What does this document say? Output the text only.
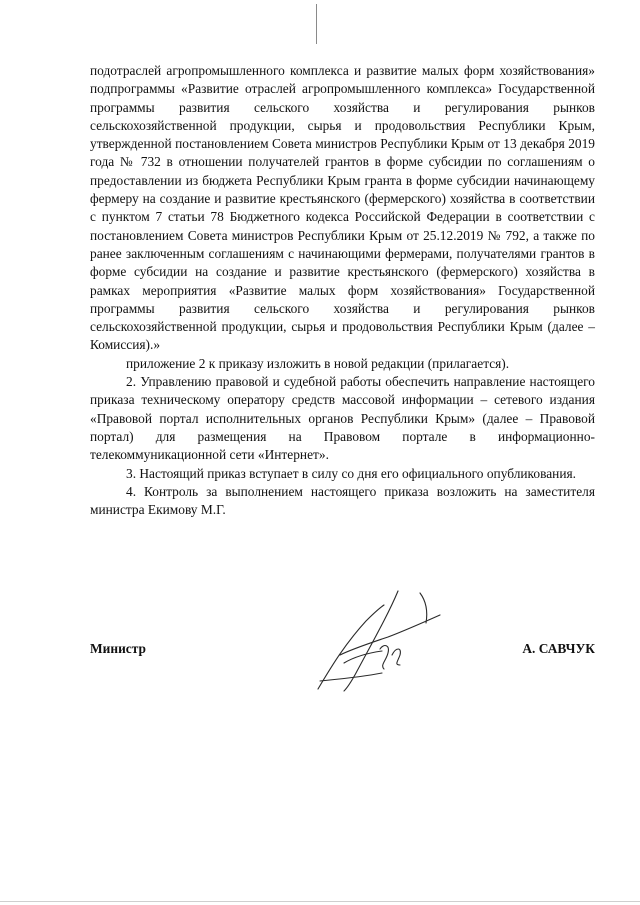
подотраслей агропромышленного комплекса и развитие малых форм хозяйствования» подпрограммы «Развитие отраслей агропромышленного комплекса» Государственной программы развития сельского хозяйства и регулирования рынков сельскохозяйственной продукции, сырья и продовольствия Республики Крым, утвержденной постановлением Совета министров Республики Крым от 13 декабря 2019 года № 732 в отношении получателей грантов в форме субсидии по соглашениям о предоставлении из бюджета Республики Крым гранта в форме субсидии начинающему фермеру на создание и развитие крестьянского (фермерского) хозяйства в соответствии с пунктом 7 статьи 78 Бюджетного кодекса Российской Федерации в соответствии с постановлением Совета министров Республики Крым от 25.12.2019 № 792, а также по ранее заключенным соглашениям с начинающими фермерами, получателями грантов в форме субсидии на создание и развитие крестьянского (фермерского) хозяйства в рамках мероприятия «Развитие малых форм хозяйствования» Государственной программы развития сельского хозяйства и регулирования рынков сельскохозяйственной продукции, сырья и продовольствия Республики Крым (далее –Комиссия).»

приложение 2 к приказу изложить в новой редакции (прилагается).

2. Управлению правовой и судебной работы обеспечить направление настоящего приказа техническому оператору средств массовой информации – сетевого издания «Правовой портал исполнительных органов Республики Крым» (далее – Правовой портал) для размещения на Правовом портале в информационно-телекоммуникационной сети «Интернет».

3. Настоящий приказ вступает в силу со дня его официального опубликования.

4. Контроль за выполнением настоящего приказа возложить на заместителя министра Екимову М.Г.

Министр	А. САВЧУК
